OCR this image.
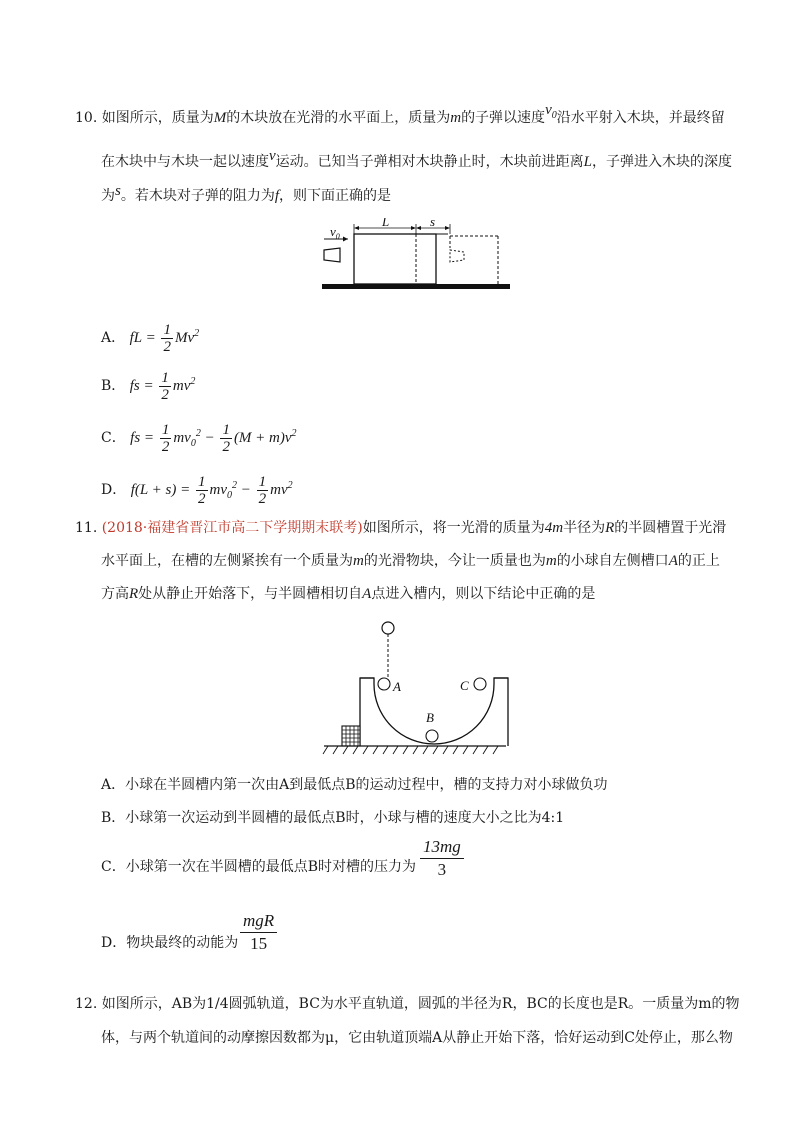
10. 如图所示，质量为M的木块放在光滑的水平面上，质量为m的子弹以速度$v_0$沿水平射入木块，并最终留
在木块中与木块一起以速度v运动。已知当子弹相对木块静止时，木块前进距离L，子弹进入木块的深度
为s。若木块对子弹的阻力为f，则下面正确的是
$v_0$
L	s
A． fL = $\frac{1}{2} Mv^2$
B． fs = $\frac{1}{2} mv^2$
C． fs = $\frac{1}{2} mv_0^2 - \frac{1}{2} (M + m)v^2$
D． $f(L + s) = \frac{1}{2} mv_0^2 - \frac{1}{2} mv^2$
11. (2018·福建省晋江市高二下学期期末联考)如图所示，将一光滑的质量为4m半径为R的半圆槽置于光滑
水平面上，在槽的左侧紧挨有一个质量为m的光滑物块，今让一质量也为m的小球自左侧槽口A的正上
方高R处从静止开始落下，与半圆槽相切自A点进入槽内，则以下结论中正确的是
A	C
B
A．小球在半圆槽内第一次由A到最低点B的运动过程中，槽的支持力对小球做负功
B．小球第一次运动到半圆槽的最低点B时，小球与槽的速度大小之比为4:1
C．小球第一次在半圆槽的最低点B时对槽的压力为
13mg
3
D．物块最终的动能为
mgR
15
12. 如图所示，AB为1/4圆弧轨道，BC为水平直轨道，圆弧的半径为R，BC的长度也是R。一质量为m的物
体，与两个轨道间的动摩擦因数都为μ，它由轨道顶端A从静止开始下落，恰好运动到C处停止，那么物
